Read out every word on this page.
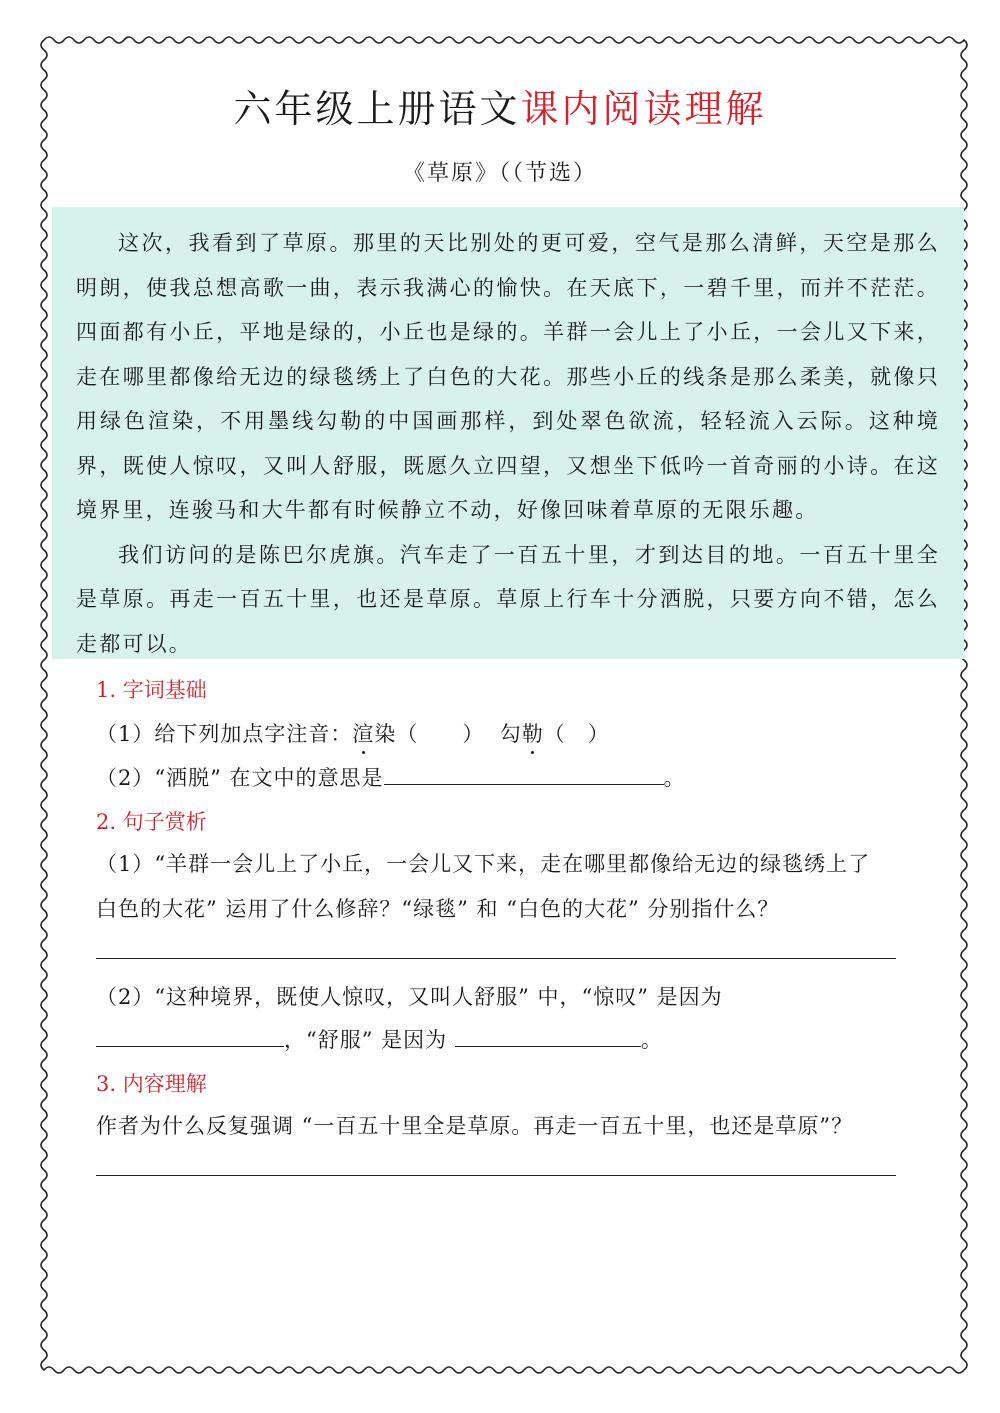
六年级上册语文课内阅读理解
《草原》（（节选）

这次，我看到了草原。那里的天比别处的更可爱，空气是那么清鲜，天空是那么明朗，使我总想高歌一曲，表示我满心的愉快。在天底下，一碧千里，而并不茫茫。四面都有小丘，平地是绿的，小丘也是绿的。羊群一会儿上了小丘，一会儿又下来，走在哪里都像给无边的绿毯绣上了白色的大花。那些小丘的线条是那么柔美，就像只用绿色渲染，不用墨线勾勒的中国画那样，到处翠色欲流，轻轻流入云际。这种境界，既使人惊叹，又叫人舒服，既愿久立四望，又想坐下低吟一首奇丽的小诗。在这境界里，连骏马和大牛都有时候静立不动，好像回味着草原的无限乐趣。

我们访问的是陈巴尔虎旗。汽车走了一百五十里，才到达目的地。一百五十里全是草原。再走一百五十里，也还是草原。草原上行车十分洒脱，只要方向不错，怎么走都可以。

1. 字词基础
（1）给下列加点字注音：渲染（　　） 勾勒（　）
（2）“洒脱” 在文中的意思是	。
2. 句子赏析
（1）“羊群一会儿上了小丘，一会儿又下来，走在哪里都像给无边的绿毯绣上了
白色的大花” 运用了什么修辞？“绿毯” 和 “白色的大花” 分别指什么？
（2）“这种境界，既使人惊叹，又叫人舒服” 中，“惊叹” 是因为
，“舒服” 是因为	。
3. 内容理解
作者为什么反复强调 “一百五十里全是草原。再走一百五十里，也还是草原”？
